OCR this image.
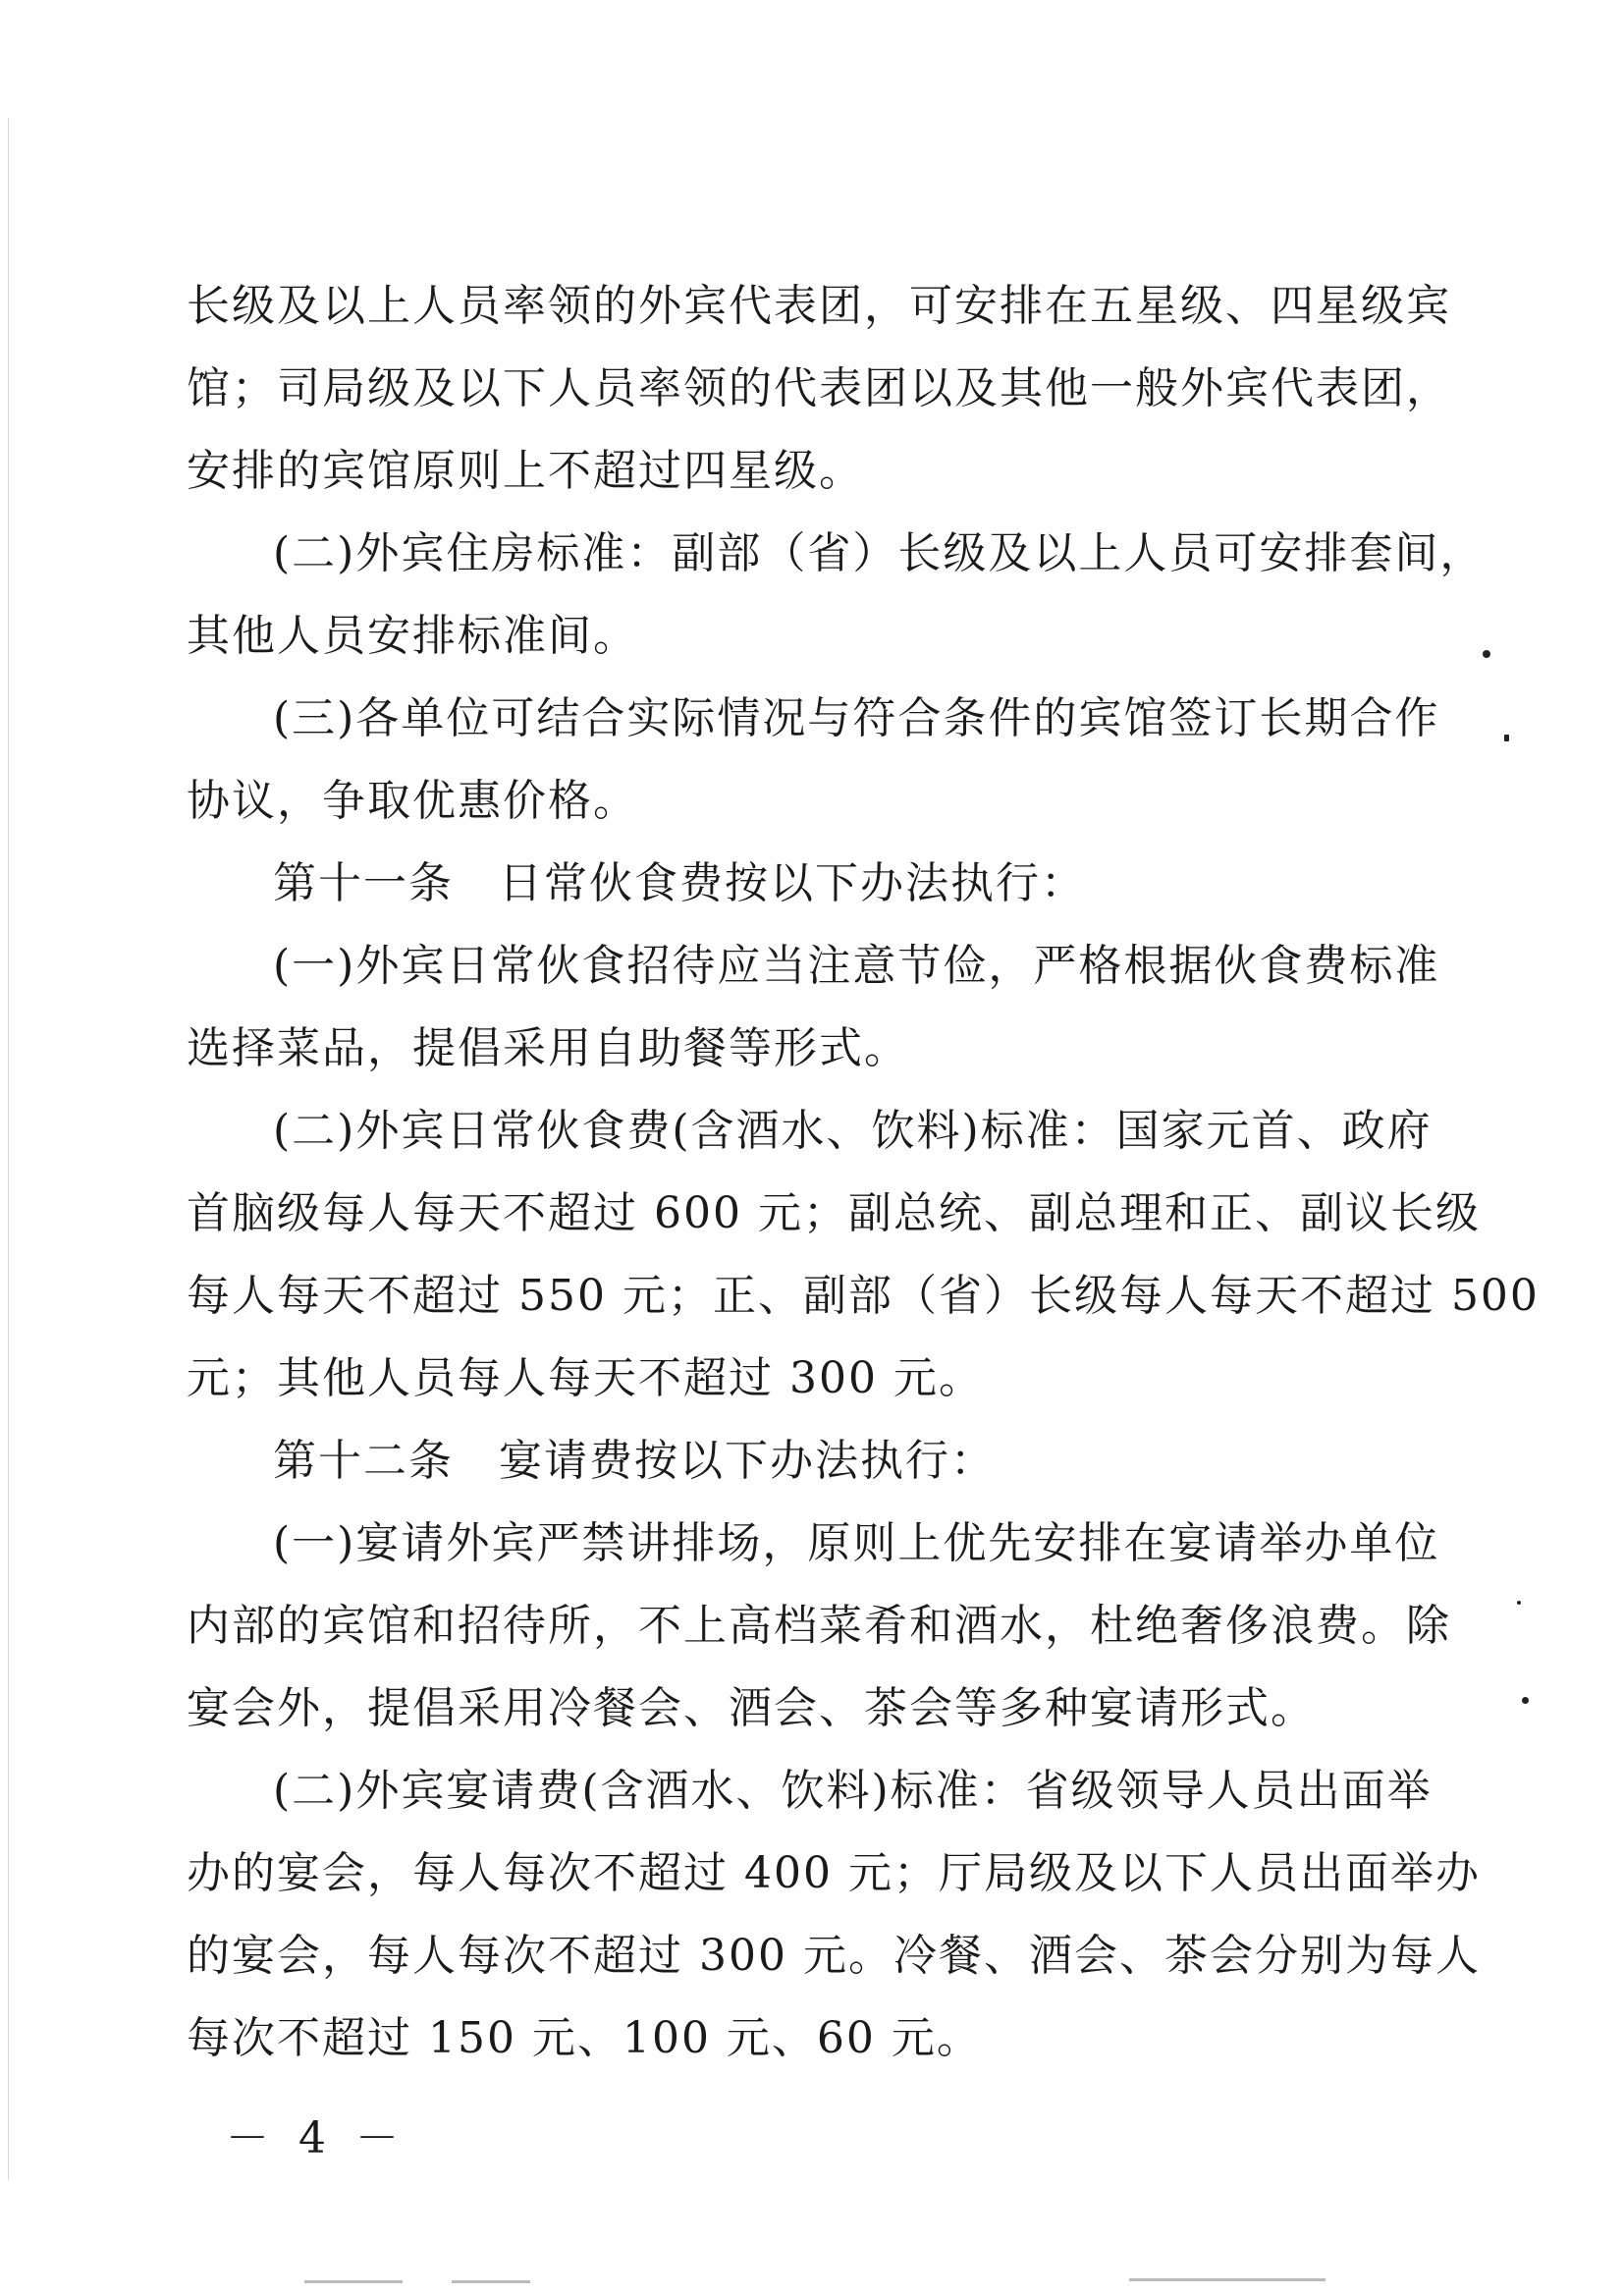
长级及以上人员率领的外宾代表团，可安排在五星级、四星级宾
馆；司局级及以下人员率领的代表团以及其他一般外宾代表团，
安排的宾馆原则上不超过四星级。
(二)外宾住房标准：副部（省）长级及以上人员可安排套间，
其他人员安排标准间。
(三)各单位可结合实际情况与符合条件的宾馆签订长期合作
协议，争取优惠价格。
第十一条　日常伙食费按以下办法执行：
(一)外宾日常伙食招待应当注意节俭，严格根据伙食费标准
选择菜品，提倡采用自助餐等形式。
(二)外宾日常伙食费(含酒水、饮料)标准：国家元首、政府
首脑级每人每天不超过 600 元；副总统、副总理和正、副议长级
每人每天不超过 550 元；正、副部（省）长级每人每天不超过 500
元；其他人员每人每天不超过 300 元。
第十二条　宴请费按以下办法执行：
(一)宴请外宾严禁讲排场，原则上优先安排在宴请举办单位
内部的宾馆和招待所，不上高档菜肴和酒水，杜绝奢侈浪费。除
宴会外，提倡采用冷餐会、酒会、茶会等多种宴请形式。
(二)外宾宴请费(含酒水、饮料)标准：省级领导人员出面举
办的宴会，每人每次不超过 400 元；厅局级及以下人员出面举办
的宴会，每人每次不超过 300 元。冷餐、酒会、茶会分别为每人
每次不超过 150 元、100 元、60 元。
－ 4 －
